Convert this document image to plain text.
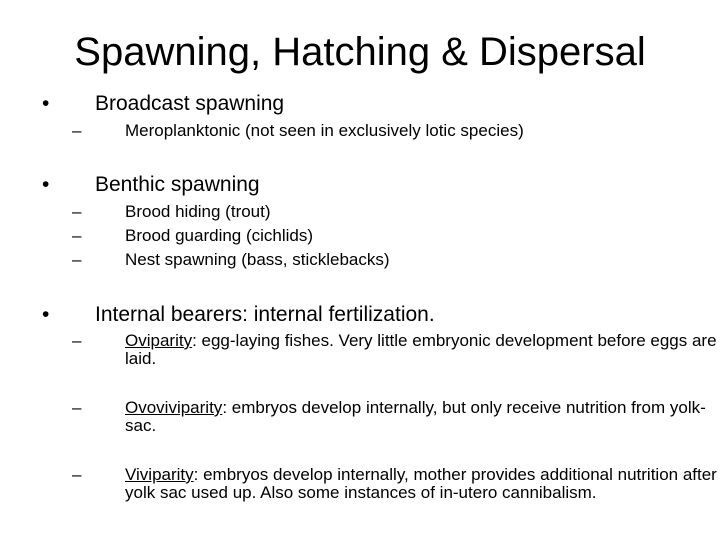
Spawning, Hatching & Dispersal
• Broadcast spawning
–	Meroplanktonic (not seen in exclusively lotic species)
• Benthic spawning
–	Brood hiding (trout)
–	Brood guarding (cichlids)
–	Nest spawning (bass, sticklebacks)
• Internal bearers: internal fertilization.
–	Oviparity: egg-laying fishes. Very little embryonic development before eggs are laid.
–	Ovoviviparity: embryos develop internally, but only receive nutrition from yolk-sac.
–	Viviparity: embryos develop internally, mother provides additional nutrition after yolk sac used up. Also some instances of in-utero cannibalism.
